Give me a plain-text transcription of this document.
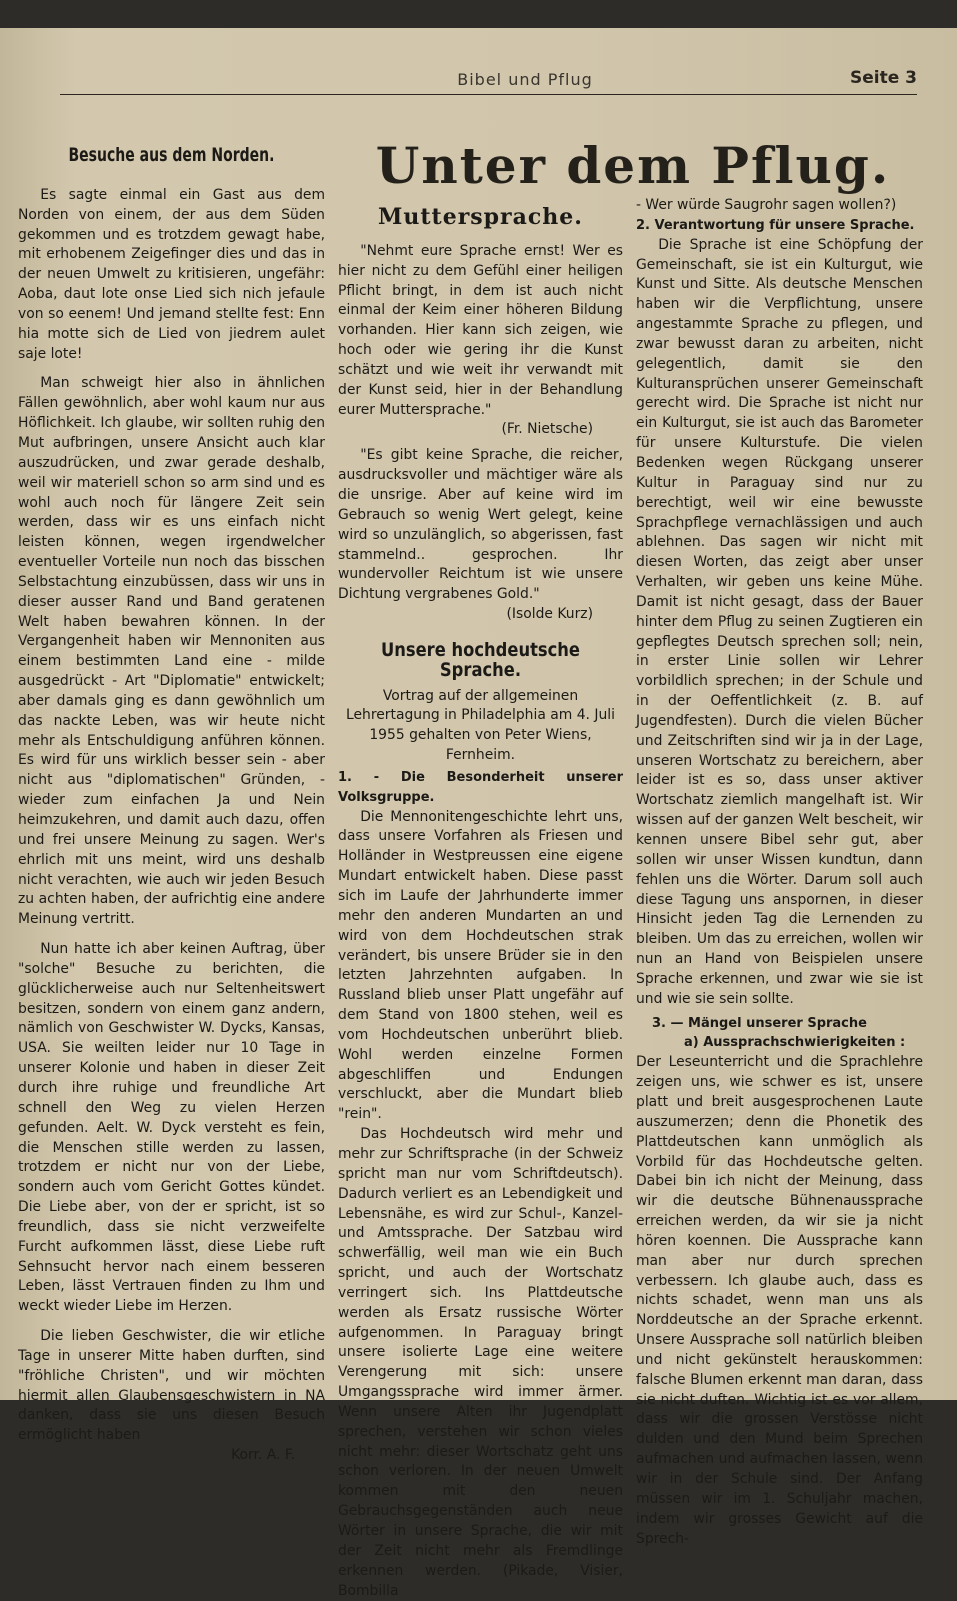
Bibel und Pflug	Seite 3
Unter dem Pflug.
Besuche aus dem Norden.

Es sagte einmal ein Gast aus dem Norden von einem, der aus dem Süden gekommen und es trotzdem gewagt habe, mit erhobenem Zeigefinger dies und das in der neuen Umwelt zu kritisieren, ungefähr: Aoba, daut lote onse Lied sich nich jefaule von so eenem! Und jemand stellte fest: Enn hia motte sich de Lied von jiedrem aulet saje lote!

Man schweigt hier also in ähnlichen Fällen gewöhnlich, aber wohl kaum nur aus Höflichkeit. Ich glaube, wir sollten ruhig den Mut aufbringen, unsere Ansicht auch klar auszudrücken, und zwar gerade deshalb, weil wir materiell schon so arm sind und es wohl auch noch für längere Zeit sein werden, dass wir es uns einfach nicht leisten können, wegen irgendwelcher eventueller Vorteile nun noch das bisschen Selbstachtung einzubüssen, dass wir uns in dieser ausser Rand und Band geratenen Welt haben bewahren können. In der Vergangenheit haben wir Mennoniten aus einem bestimmten Land eine - milde ausgedrückt - Art "Diplomatie" entwickelt; aber damals ging es dann gewöhnlich um das nackte Leben, was wir heute nicht mehr als Entschuldigung anführen können. Es wird für uns wirklich besser sein - aber nicht aus "diplomatischen" Gründen, - wieder zum einfachen Ja und Nein heimzukehren, und damit auch dazu, offen und frei unsere Meinung zu sagen. Wer's ehrlich mit uns meint, wird uns deshalb nicht verachten, wie auch wir jeden Besuch zu achten haben, der aufrichtig eine andere Meinung vertritt.

Nun hatte ich aber keinen Auftrag, über "solche" Besuche zu berichten, die glücklicherweise auch nur Seltenheitswert besitzen, sondern von einem ganz andern, nämlich von Geschwister W. Dycks, Kansas, USA. Sie weilten leider nur 10 Tage in unserer Kolonie und haben in dieser Zeit durch ihre ruhige und freundliche Art schnell den Weg zu vielen Herzen gefunden. Aelt. W. Dyck versteht es fein, die Menschen stille werden zu lassen, trotzdem er nicht nur von der Liebe, sondern auch vom Gericht Gottes kündet. Die Liebe aber, von der er spricht, ist so freundlich, dass sie nicht verzweifelte Furcht aufkommen lässt, diese Liebe ruft Sehnsucht hervor nach einem besseren Leben, lässt Vertrauen finden zu Ihm und weckt wieder Liebe im Herzen.

Die lieben Geschwister, die wir etliche Tage in unserer Mitte haben durften, sind "fröhliche Christen", und wir möchten hiermit allen Glaubensgeschwistern in NA danken, dass sie uns diesen Besuch ermöglicht haben

Korr. A. F.
Muttersprache.

"Nehmt eure Sprache ernst! Wer es hier nicht zu dem Gefühl einer heiligen Pflicht bringt, in dem ist auch nicht einmal der Keim einer höheren Bildung vorhanden. Hier kann sich zeigen, wie hoch oder wie gering ihr die Kunst schätzt und wie weit ihr verwandt mit der Kunst seid, hier in der Behandlung eurer Muttersprache."

(Fr. Nietsche)

"Es gibt keine Sprache, die reicher, ausdrucksvoller und mächtiger wäre als die unsrige. Aber auf keine wird im Gebrauch so wenig Wert gelegt, keine wird so unzulänglich, so abgerissen, fast stammelnd.. gesprochen. Ihr wundervoller Reichtum ist wie unsere Dichtung vergrabenes Gold."

(Isolde Kurz)
Unsere hochdeutsche Sprache.
Vortrag auf der allgemeinen Lehrertagung in Philadelphia am 4. Juli 1955 gehalten von Peter Wiens, Fernheim.
1. - Die Besonderheit unserer Volksgruppe.

Die Mennonitengeschichte lehrt uns, dass unsere Vorfahren als Friesen und Holländer in Westpreussen eine eigene Mundart entwickelt haben. Diese passt sich im Laufe der Jahrhunderte immer mehr den anderen Mundarten an und wird von dem Hochdeutschen strak verändert, bis unsere Brüder sie in den letzten Jahrzehnten aufgaben. In Russland blieb unser Platt ungefähr auf dem Stand von 1800 stehen, weil es vom Hochdeutschen unberührt blieb. Wohl werden einzelne Formen abgeschliffen und Endungen verschluckt, aber die Mundart blieb "rein".

Das Hochdeutsch wird mehr und mehr zur Schriftsprache (in der Schweiz spricht man nur vom Schriftdeutsch). Dadurch verliert es an Lebendigkeit und Lebensnähe, es wird zur Schul-, Kanzel- und Amtssprache. Der Satzbau wird schwerfällig, weil man wie ein Buch spricht, und auch der Wortschatz verringert sich. Ins Plattdeutsche werden als Ersatz russische Wörter aufgenommen. In Paraguay bringt unsere isolierte Lage eine weitere Verengerung mit sich: unsere Umgangssprache wird immer ärmer. Wenn unsere Alten ihr Jugendplatt sprechen, verstehen wir schon vieles nicht mehr: dieser Wortschatz geht uns schon verloren. In der neuen Umwelt kommen mit den neuen Gebrauchsgegenständen auch neue Wörter in unsere Sprache, die wir mit der Zeit nicht mehr als Fremdlinge erkennen werden. (Pikade, Visier, Bombilla

- Wer würde Saugrohr sagen wollen?)

2. Verantwortung für unsere Sprache.

Die Sprache ist eine Schöpfung der Gemeinschaft, sie ist ein Kulturgut, wie Kunst und Sitte. Als deutsche Menschen haben wir die Verpflichtung, unsere angestammte Sprache zu pflegen, und zwar bewusst daran zu arbeiten, nicht gelegentlich, damit sie den Kulturansprüchen unserer Gemeinschaft gerecht wird. Die Sprache ist nicht nur ein Kulturgut, sie ist auch das Barometer für unsere Kulturstufe. Die vielen Bedenken wegen Rückgang unserer Kultur in Paraguay sind nur zu berechtigt, weil wir eine bewusste Sprachpflege vernachlässigen und auch ablehnen. Das sagen wir nicht mit diesen Worten, das zeigt aber unser Verhalten, wir geben uns keine Mühe. Damit ist nicht gesagt, dass der Bauer hinter dem Pflug zu seinen Zugtieren ein gepflegtes Deutsch sprechen soll; nein, in erster Linie sollen wir Lehrer vorbildlich sprechen; in der Schule und in der Oeffentlichkeit (z. B. auf Jugendfesten). Durch die vielen Bücher und Zeitschriften sind wir ja in der Lage, unseren Wortschatz zu bereichern, aber leider ist es so, dass unser aktiver Wortschatz ziemlich mangelhaft ist. Wir wissen auf der ganzen Welt bescheit, wir kennen unsere Bibel sehr gut, aber sollen wir unser Wissen kundtun, dann fehlen uns die Wörter. Darum soll auch diese Tagung uns anspornen, in dieser Hinsicht jeden Tag die Lernenden zu bleiben. Um das zu erreichen, wollen wir nun an Hand von Beispielen unsere Sprache erkennen, und zwar wie sie ist und wie sie sein sollte.

3. — Mängel unserer Sprache
a) Aussprachschwierigkeiten :

Der Leseunterricht und die Sprachlehre zeigen uns, wie schwer es ist, unsere platt und breit ausgesprochenen Laute auszumerzen; denn die Phonetik des Plattdeutschen kann unmöglich als Vorbild für das Hochdeutsche gelten. Dabei bin ich nicht der Meinung, dass wir die deutsche Bühnenaussprache erreichen werden, da wir sie ja nicht hören koennen. Die Aussprache kann man aber nur durch sprechen verbessern. Ich glaube auch, dass es nichts schadet, wenn man uns als Norddeutsche an der Sprache erkennt. Unsere Aussprache soll natürlich bleiben und nicht gekünstelt herauskommen: falsche Blumen erkennt man daran, dass sie nicht duften. Wichtig ist es vor allem, dass wir die grossen Verstösse nicht dulden und den Mund beim Sprechen aufmachen und aufmachen lassen, wenn wir in der Schule sind. Der Anfang müssen wir im 1. Schuljahr machen, indem wir grosses Gewicht auf die Sprech-
